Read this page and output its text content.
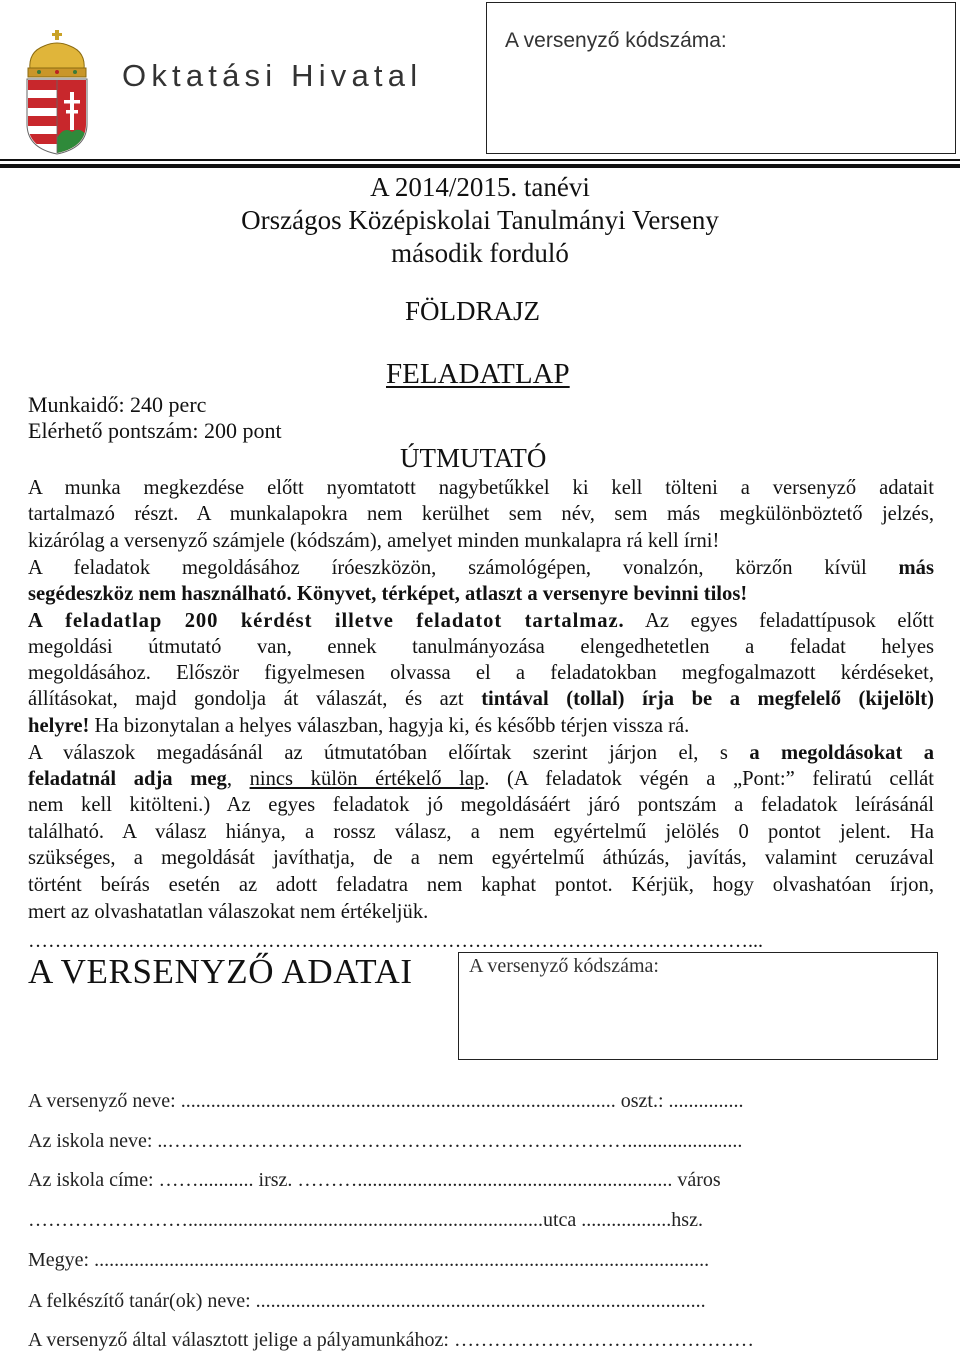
Oktatási Hivatal
A versenyző kódszáma:
A 2014/2015. tanévi
Országos Középiskolai Tanulmányi Verseny
második forduló
FÖLDRAJZ
FELADATLAP
Munkaidő: 240 perc
Elérhető pontszám: 200 pont
ÚTMUTATÓ
A munka megkezdése előtt nyomtatott nagybetűkkel ki kell tölteni a versenyző adatait
tartalmazó részt. A munkalapokra nem kerülhet sem név, sem más megkülönböztető jelzés,
kizárólag a versenyző számjele (kódszám), amelyet minden munkalapra rá kell írni!
A feladatok megoldásához íróeszközön, számológépen, vonalzón, körzőn kívül más
segédeszköz nem használható. Könyvet, térképet, atlaszt a versenyre bevinni tilos!
A feladatlap 200 kérdést illetve feladatot tartalmaz. Az egyes feladattípusok előtt
megoldási útmutató van, ennek tanulmányozása elengedhetetlen a feladat helyes
megoldásához. Először figyelmesen olvassa el a feladatokban megfogalmazott kérdéseket,
állításokat, majd gondolja át válaszát, és azt tintával (tollal) írja be a megfelelő (kijelölt)
helyre! Ha bizonytalan a helyes válaszban, hagyja ki, és később térjen vissza rá.
A válaszok megadásánál az útmutatóban előírtak szerint járjon el, s a megoldásokat a
feladatnál adja meg, nincs külön értékelő lap. (A feladatok végén a „Pont:” feliratú cellát
nem kell kitölteni.) Az egyes feladatok jó megoldásáért járó pontszám a feladatok leírásánál
található. A válasz hiánya, a rossz válasz, a nem egyértelmű jelölés 0 pontot jelent. Ha
szükséges, a megoldását javíthatja, de a nem egyértelmű áthúzás, javítás, valamint ceruzával
történt beírás esetén az adott feladatra nem kaphat pontot. Kérjük, hogy olvashatóan írjon,
mert az olvashatatlan válaszokat nem értékeljük.
………………………………………………………………………………………………...
A VERSENYZŐ ADATAI	A versenyző kódszáma:
A versenyző neve: ....................................................................................... oszt.: ...............
Az iskola neve: ..…………………………………………………………….......................
Az iskola címe: ……........... irsz. ………............................................................... város
…………………….......................................................................utca ..................hsz.
Megye: ...........................................................................................................................
A felkészítő tanár(ok) neve: ..........................................................................................
A versenyző által választott jelige a pályamunkához: ………………………………………
